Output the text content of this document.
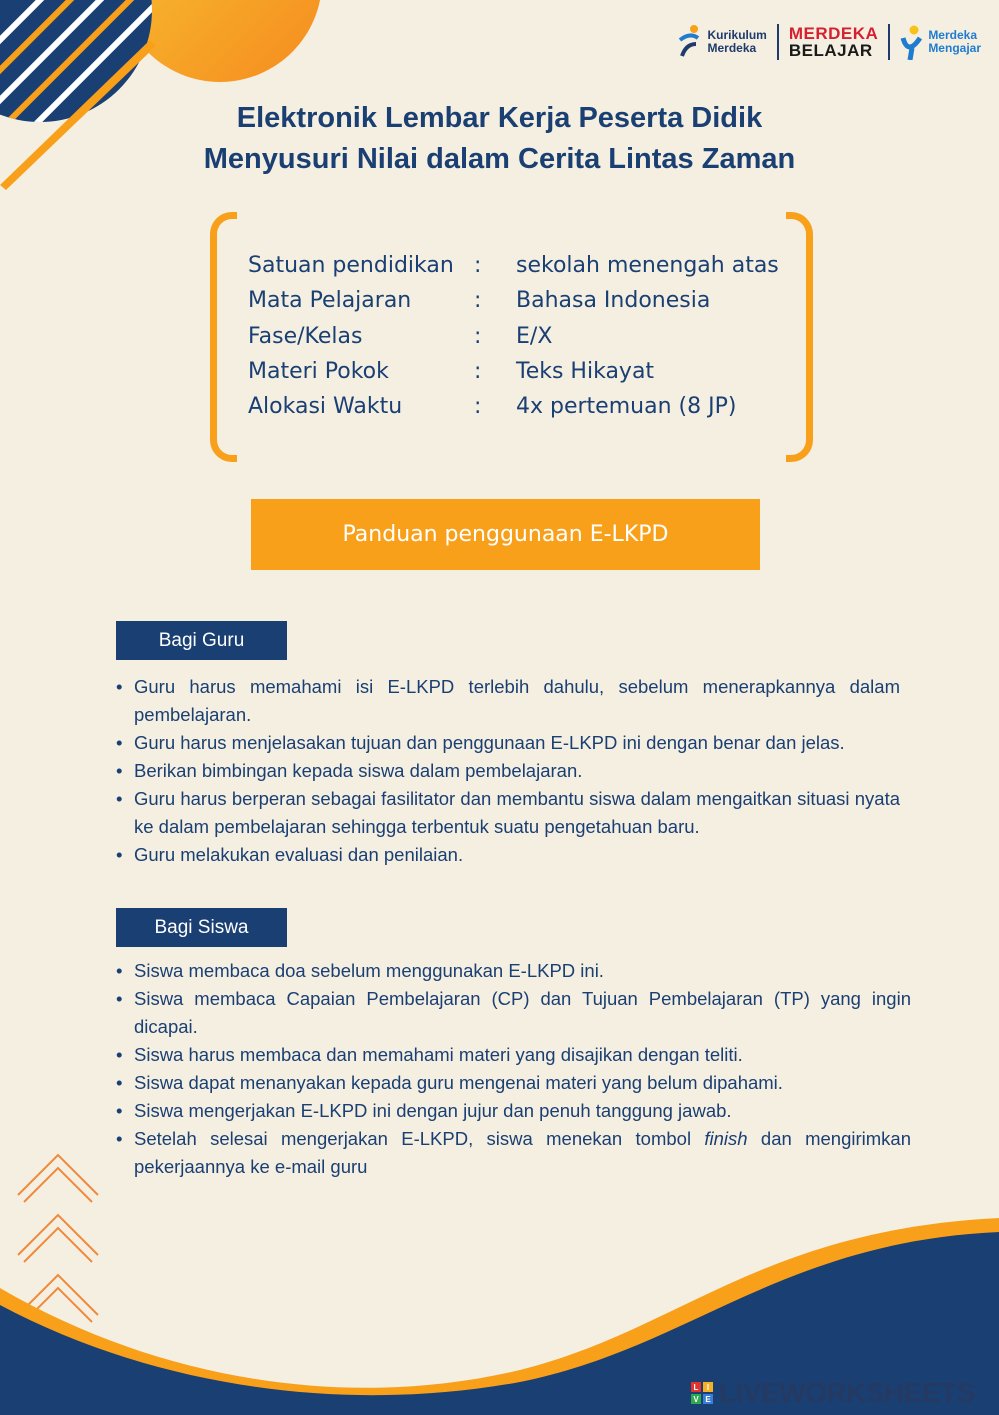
Kurikulum
Merdeka
MERDEKA
BELAJAR
Merdeka
Mengajar
Elektronik Lembar Kerja Peserta Didik
Menyusuri Nilai dalam Cerita Lintas Zaman
Satuan pendidikan :	sekolah menengah atas
Mata Pelajaran	:	Bahasa Indonesia
Fase/Kelas	:	E/X
Materi Pokok	:	Teks Hikayat
Alokasi Waktu	:	4x pertemuan (8 JP)
Panduan penggunaan E-LKPD
Bagi Guru
• Guru harus memahami isi E-LKPD terlebih dahulu, sebelum menerapkannya dalam pembelajaran.
• Guru harus menjelasakan tujuan dan penggunaan E-LKPD ini dengan benar dan jelas.
• Berikan bimbingan kepada siswa dalam pembelajaran.
• Guru harus berperan sebagai fasilitator dan membantu siswa dalam mengaitkan situasi nyata ke dalam pembelajaran sehingga terbentuk suatu pengetahuan baru.
• Guru melakukan evaluasi dan penilaian.
Bagi Siswa
• Siswa membaca doa sebelum menggunakan E-LKPD ini.
• Siswa membaca Capaian Pembelajaran (CP) dan Tujuan Pembelajaran (TP) yang ingin dicapai.
• Siswa harus membaca dan memahami materi yang disajikan dengan teliti.
• Siswa dapat menanyakan kepada guru mengenai materi yang belum dipahami.
• Siswa mengerjakan E-LKPD ini dengan jujur dan penuh tanggung jawab.
• Setelah selesai mengerjakan E-LKPD, siswa menekan tombol finish dan mengirimkan pekerjaannya ke e-mail guru
L	I
V E LIVEWORKSHEETS
